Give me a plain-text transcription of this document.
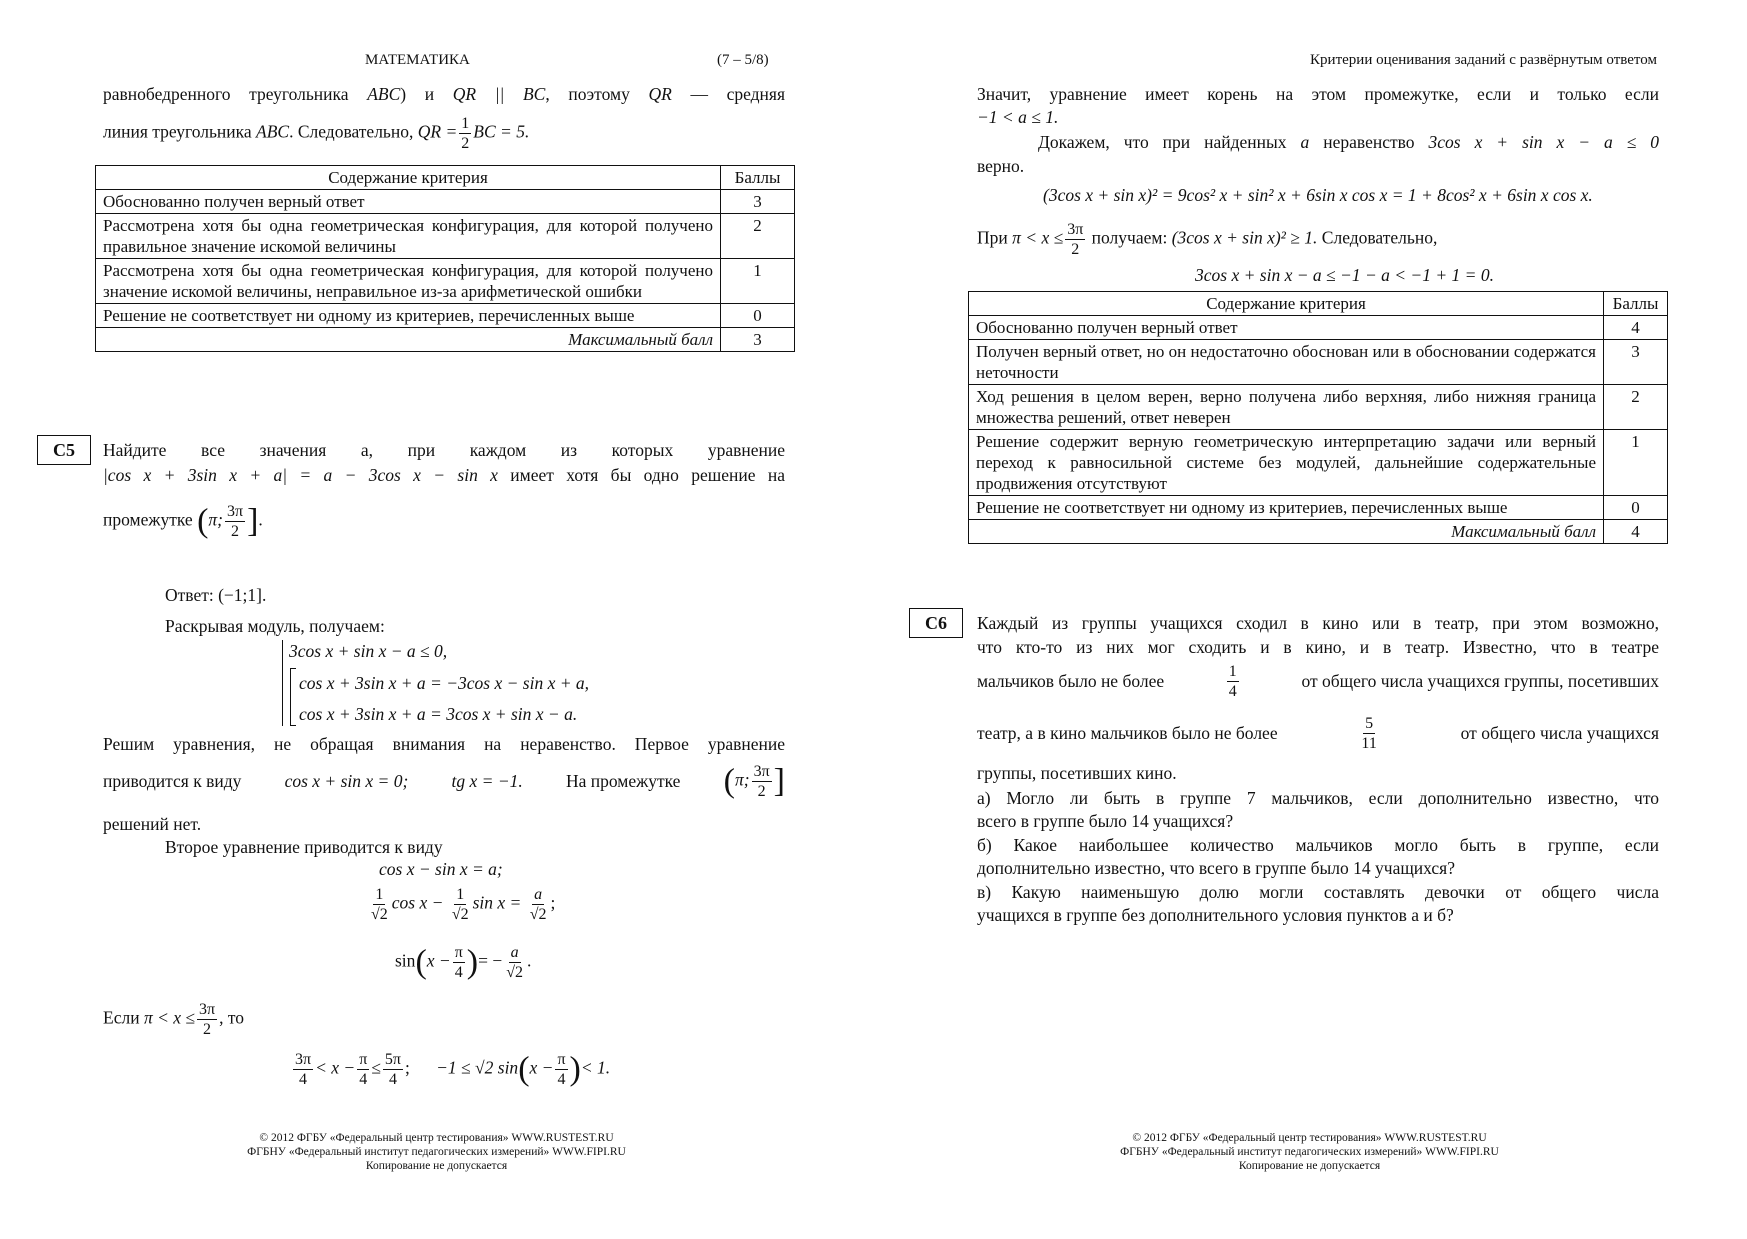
МАТЕМАТИКА	(7 – 5/8)
равнобедренного треугольника ABC) и QR || BC, поэтому QR — средняя
линия треугольника ABC. Следовательно, QR = $\frac{1}{2}$ BC = 5.
Содержание критерия	Баллы
Обоснованно получен верный ответ	3
Рассмотрена хотя бы одна геометрическая конфигурация, для которой получено правильное значение искомой величины	2
Рассмотрена хотя бы одна геометрическая конфигурация, для которой получено значение искомой величины, неправильное из-за арифметической ошибки	1
Решение не соответствует ни одному из критериев, перечисленных выше	0
Максимальный балл	3
C5	Найдите все значения a, при каждом из которых уравнение
|cos x + 3sin x + a| = a − 3cos x − sin x имеет хотя бы одно решение на
промежутке (π; $\frac{3\pi}{2}$ ].
Ответ: (−1;1].
Раскрывая модуль, получаем:
3cos x + sin x − a ≤ 0,
cos x + 3sin x + a = −3cos x − sin x + a,
cos x + 3sin x + a = 3cos x + sin x − a.
Решим уравнения, не обращая внимания на неравенство. Первое уравнение
приводится к виду cos x + sin x = 0; tg x = −1. На промежутке (π; $\frac{3\pi}{2}$ ]
решений нет.
Второе уравнение приводится к виду
cos x − sin x = a;
$\frac{1}{√2}$ $\cos x - \frac{1}{√2}$ $\sin x = \frac{a}{√2}$ ;
$\sin(x - \frac{\pi}{4}$ )= − $\frac{a}{√2}$ .
Если $\pi < x \le \frac{3\pi}{2}$ , то
$\frac{3\pi}{4} < x - \frac{\pi}{4} \le \frac{5\pi}{4}$ ; −1 ≤ √2 $\sin(x - \frac{\pi}{4}$ )< 1.
© 2012 ФГБУ «Федеральный центр тестирования» WWW.RUSTEST.RU
ФГБНУ «Федеральный институт педагогических измерений» WWW.FIPI.RU
Копирование не допускается
Критерии оценивания заданий с развёрнутым ответом
Значит, уравнение имеет корень на этом промежутке, если и только если
−1 < a ≤ 1.
Докажем, что при найденных a неравенство 3cos x + sin x − a ≤ 0
верно.
(3cos x + sin x)² = 9cos² x + sin² x + 6sin x cos x = 1 + 8cos² x + 6sin x cos x.
При $\pi < x \le \frac{3\pi}{2}$ получаем: (3cos x + sin x)² ≥ 1. Следовательно,
3cos x + sin x − a ≤ −1 − a < −1 + 1 = 0.
Содержание критерия	Баллы
Обоснованно получен верный ответ	4
Получен верный ответ, но он недостаточно обоснован или в обосновании содержатся неточности	3
Ход решения в целом верен, верно получена либо верхняя, либо нижняя граница множества решений, ответ неверен	2
Решение содержит верную геометрическую интерпретацию задачи или верный переход к равносильной системе без модулей, дальнейшие содержательные продвижения отсутствуют	1
Решение не соответствует ни одному из критериев, перечисленных выше	0
Максимальный балл	4
C6	Каждый из группы учащихся сходил в кино или в театр, при этом возможно,
что кто-то из них мог сходить и в кино, и в театр. Известно, что в театре
мальчиков было не более	$\frac{1}{4}$	от общего числа учащихся группы, посетивших
театр, а в кино мальчиков было не более	$\frac{5}{11}$	от общего числа учащихся
группы, посетивших кино.
а) Могло ли быть в группе 7 мальчиков, если дополнительно известно, что
всего в группе было 14 учащихся?
б) Какое наибольшее количество мальчиков могло быть в группе, если
дополнительно известно, что всего в группе было 14 учащихся?
в) Какую наименьшую долю могли составлять девочки от общего числа
учащихся в группе без дополнительного условия пунктов а и б?
© 2012 ФГБУ «Федеральный центр тестирования» WWW.RUSTEST.RU
ФГБНУ «Федеральный институт педагогических измерений» WWW.FIPI.RU
Копирование не допускается
